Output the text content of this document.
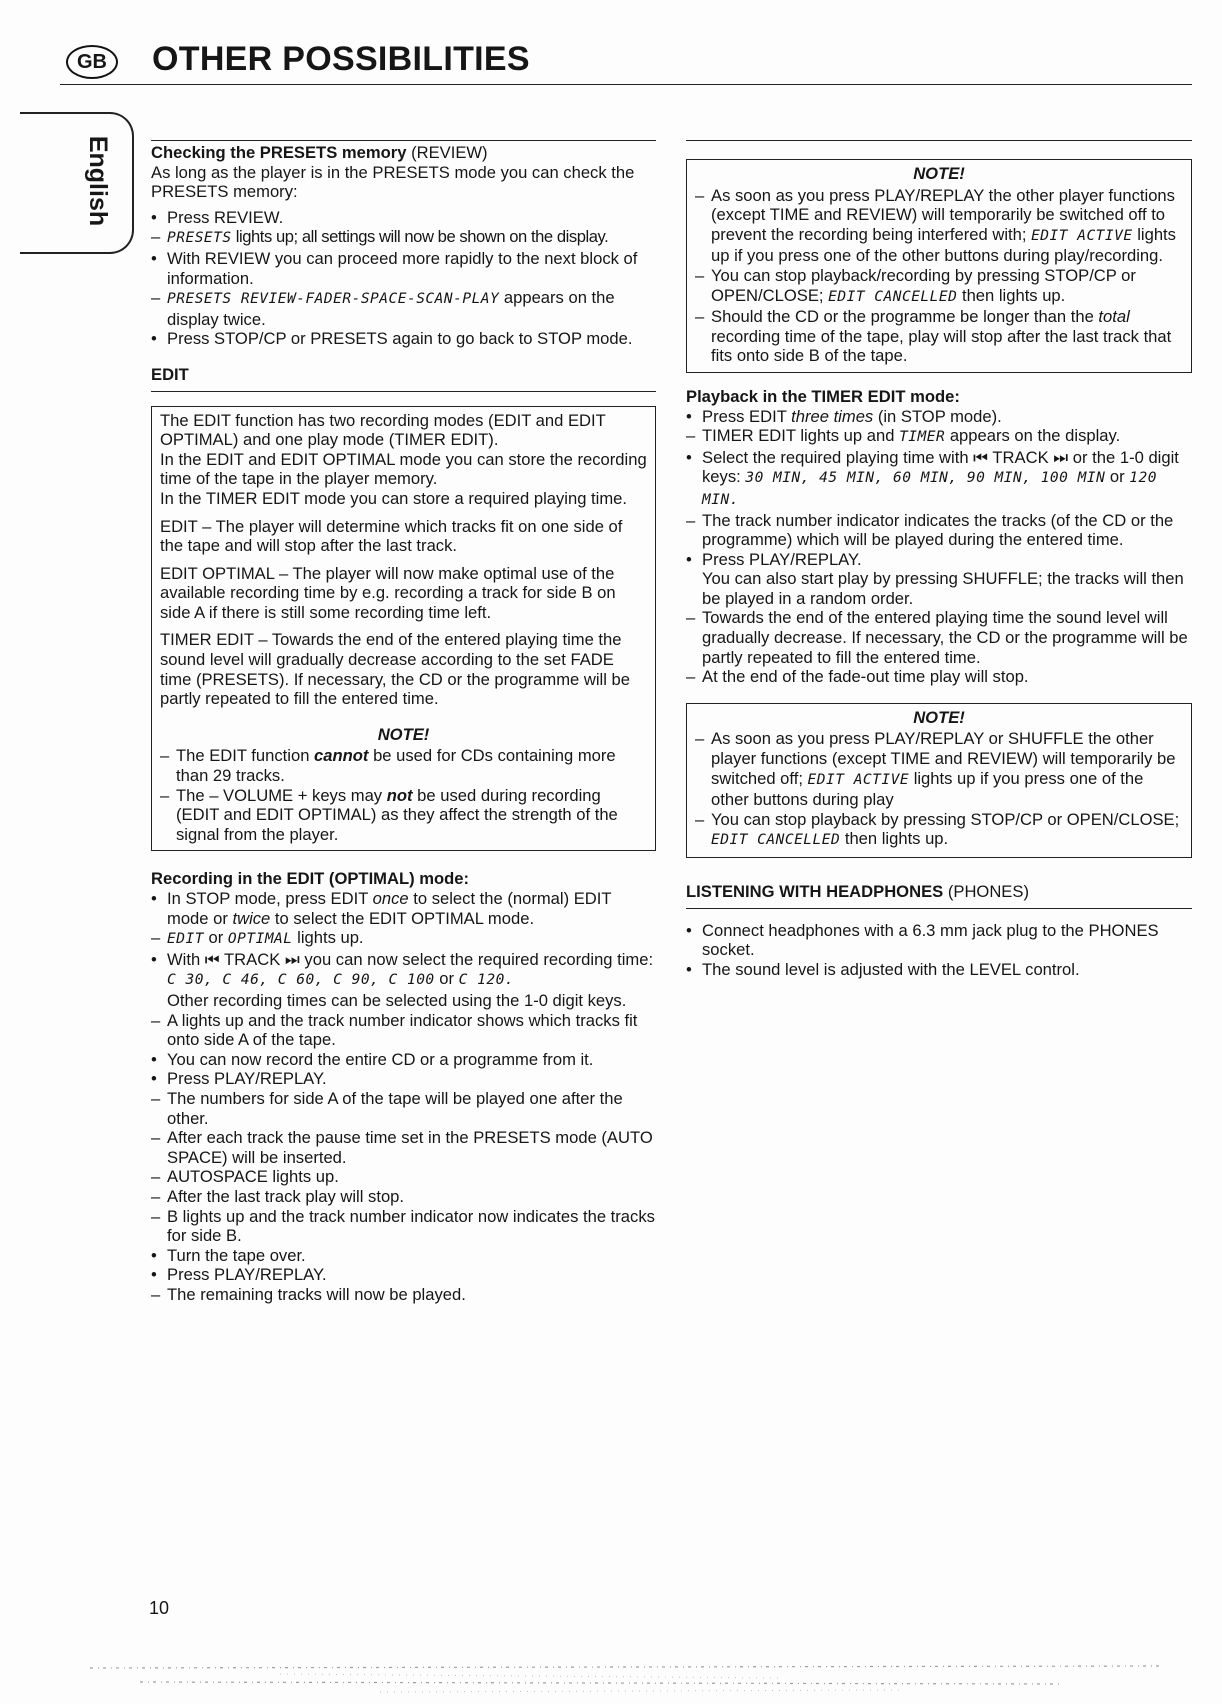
GB	OTHER POSSIBILITIES
English Checking the PRESETS memory (REVIEW)
As long as the player is in the PRESETS mode you can check the PRESETS memory:
• Press REVIEW.
– PRESETS lights up; all settings will now be shown on the display.
• With REVIEW you can proceed more rapidly to the next block of information.
– PRESETS REVIEW-FADER-SPACE-SCAN-PLAY appears on the display twice.
• Press STOP/CP or PRESETS again to go back to STOP mode.
EDIT

The EDIT function has two recording modes (EDIT and EDIT OPTIMAL) and one play mode (TIMER EDIT).
In the EDIT and EDIT OPTIMAL mode you can store the recording time of the tape in the player memory.
In the TIMER EDIT mode you can store a required playing time.

EDIT – The player will determine which tracks fit on one side of the tape and will stop after the last track.

EDIT OPTIMAL – The player will now make optimal use of the available recording time by e.g. recording a track for side B on side A if there is still some recording time left.

TIMER EDIT – Towards the end of the entered playing time the sound level will gradually decrease according to the set FADE time (PRESETS). If necessary, the CD or the programme will be partly repeated to fill the entered time.

NOTE!
– The EDIT function cannot be used for CDs containing more than 29 tracks.
– The – VOLUME + keys may not be used during recording (EDIT and EDIT OPTIMAL) as they affect the strength of the signal from the player.
Recording in the EDIT (OPTIMAL) mode:
• In STOP mode, press EDIT once to select the (normal) EDIT mode or twice to select the EDIT OPTIMAL mode.
– EDIT or OPTIMAL lights up.
• With ⏮ TRACK ⏭ you can now select the required recording time: C 30, C 46, C 60, C 90, C 100 or C 120.
Other recording times can be selected using the 1-0 digit keys.
– A lights up and the track number indicator shows which tracks fit onto side A of the tape.
• You can now record the entire CD or a programme from it.
• Press PLAY/REPLAY.
– The numbers for side A of the tape will be played one after the other.
– After each track the pause time set in the PRESETS mode (AUTO SPACE) will be inserted.
– AUTOSPACE lights up.
– After the last track play will stop.
– B lights up and the track number indicator now indicates the tracks for side B.
• Turn the tape over.
• Press PLAY/REPLAY.
– The remaining tracks will now be played.
NOTE!
– As soon as you press PLAY/REPLAY the other player functions (except TIME and REVIEW) will temporarily be switched off to prevent the recording being interfered with; EDIT ACTIVE lights up if you press one of the other buttons during play/recording.
– You can stop playback/recording by pressing STOP/CP or OPEN/CLOSE; EDIT CANCELLED then lights up.
– Should the CD or the programme be longer than the total recording time of the tape, play will stop after the last track that fits onto side B of the tape.
Playback in the TIMER EDIT mode:
• Press EDIT three times (in STOP mode).
– TIMER EDIT lights up and TIMER appears on the display.
• Select the required playing time with ⏮ TRACK ⏭ or the 1-0 digit keys: 30 MIN, 45 MIN, 60 MIN, 90 MIN, 100 MIN or 120 MIN.
– The track number indicator indicates the tracks (of the CD or the programme) which will be played during the entered time.
• Press PLAY/REPLAY.
You can also start play by pressing SHUFFLE; the tracks will then be played in a random order.
– Towards the end of the entered playing time the sound level will gradually decrease. If necessary, the CD or the programme will be partly repeated to fill the entered time.
– At the end of the fade-out time play will stop.
NOTE!
– As soon as you press PLAY/REPLAY or SHUFFLE the other player functions (except TIME and REVIEW) will temporarily be switched off; EDIT ACTIVE lights up if you press one of the other buttons during play
– You can stop playback by pressing STOP/CP or OPEN/CLOSE; EDIT CANCELLED then lights up.
LISTENING WITH HEADPHONES (PHONES)
• Connect headphones with a 6.3 mm jack plug to the PHONES socket.
• The sound level is adjusted with the LEVEL control.
10
